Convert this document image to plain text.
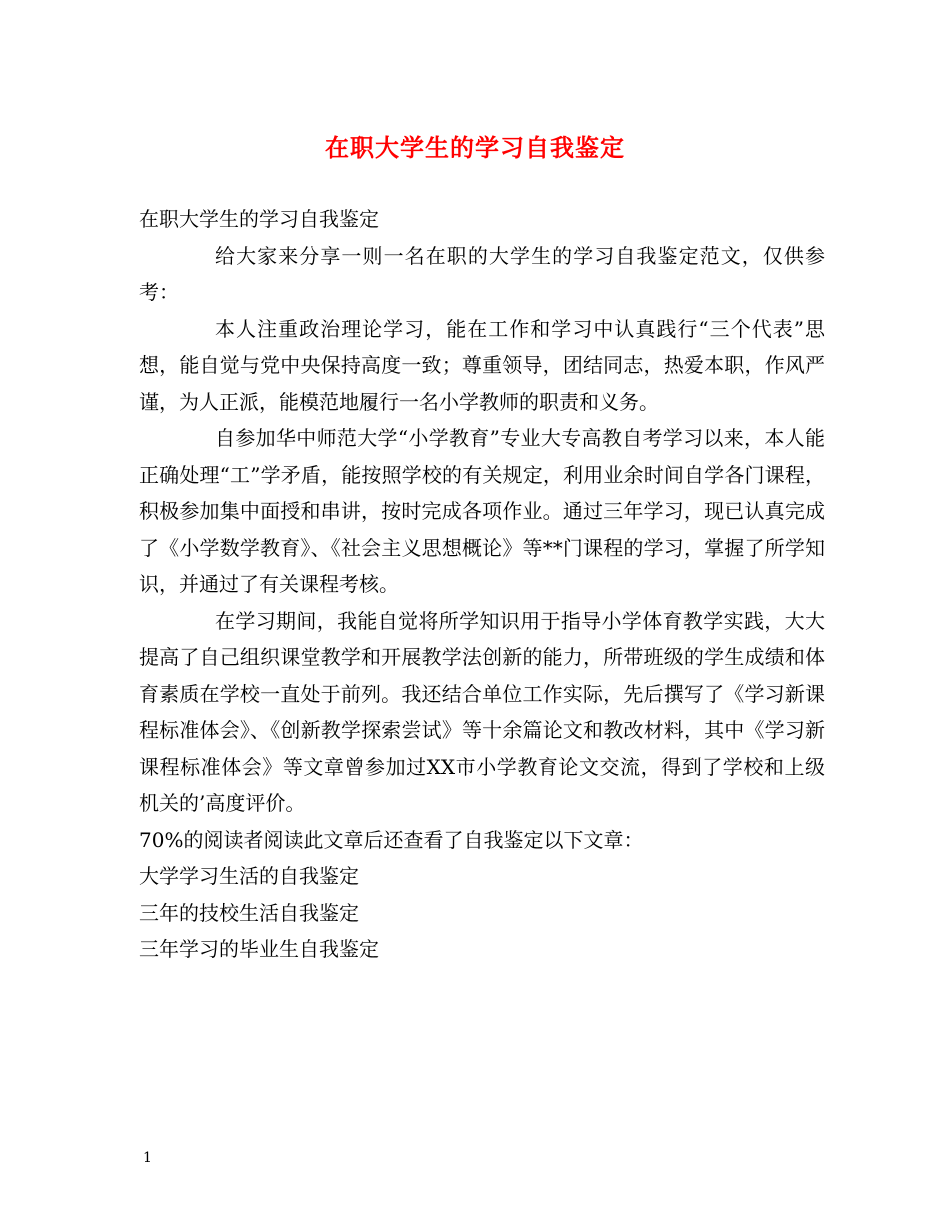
在职大学生的学习自我鉴定

在职大学生的学习自我鉴定

给大家来分享一则一名在职的大学生的学习自我鉴定范文，仅供参考：

本人注重政治理论学习，能在工作和学习中认真践行“三个代表”思想，能自觉与党中央保持高度一致；尊重领导，团结同志，热爱本职，作风严谨，为人正派，能模范地履行一名小学教师的职责和义务。

自参加华中师范大学“小学教育”专业大专高教自考学习以来，本人能正确处理“工”学矛盾，能按照学校的有关规定，利用业余时间自学各门课程，积极参加集中面授和串讲，按时完成各项作业。通过三年学习，现已认真完成了《小学数学教育》、《社会主义思想概论》等**门课程的学习，掌握了所学知识，并通过了有关课程考核。

在学习期间，我能自觉将所学知识用于指导小学体育教学实践，大大提高了自己组织课堂教学和开展教学法创新的能力，所带班级的学生成绩和体育素质在学校一直处于前列。我还结合单位工作实际，先后撰写了《学习新课程标准体会》、《创新教学探索尝试》等十余篇论文和教改材料，其中《学习新课程标准体会》等文章曾参加过XX市小学教育论文交流，得到了学校和上级机关的’高度评价。

70%的阅读者阅读此文章后还查看了自我鉴定以下文章：

大学学习生活的自我鉴定

三年的技校生活自我鉴定

三年学习的毕业生自我鉴定

1
